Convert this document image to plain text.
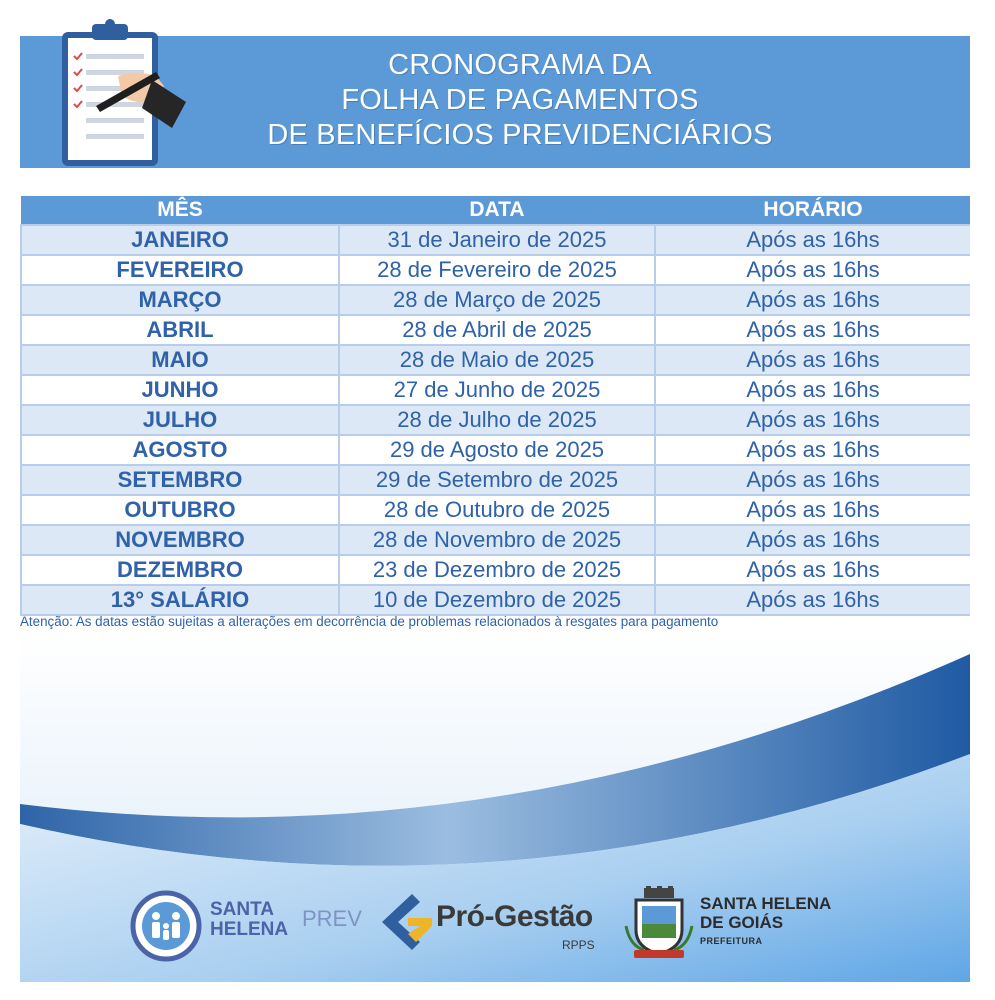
CRONOGRAMA DA
FOLHA DE PAGAMENTOS
DE BENEFÍCIOS PREVIDENCIÁRIOS
MÊS	DATA	HORÁRIO
JANEIRO	31 de Janeiro de 2025	Após as 16hs
FEVEREIRO	28 de Fevereiro de 2025	Após as 16hs
MARÇO	28 de Março de 2025	Após as 16hs
ABRIL	28 de Abril de 2025	Após as 16hs
MAIO	28 de Maio de 2025	Após as 16hs
JUNHO	27 de Junho de 2025	Após as 16hs
JULHO	28 de Julho de 2025	Após as 16hs
AGOSTO	29 de Agosto de 2025	Após as 16hs
SETEMBRO	29 de Setembro de 2025	Após as 16hs
OUTUBRO	28 de Outubro de 2025	Após as 16hs
NOVEMBRO	28 de Novembro de 2025	Após as 16hs
DEZEMBRO	23 de Dezembro de 2025	Após as 16hs
13° SALÁRIO	10 de Dezembro de 2025	Após as 16hs
Atenção: As datas estão sujeitas a alterações em decorrência de problemas relacionados à resgates para pagamento
SANTA
HELENA PREV Pró-Gestão
RPPS
SANTA HELENA
DE GOIÁS
PREFEITURA
